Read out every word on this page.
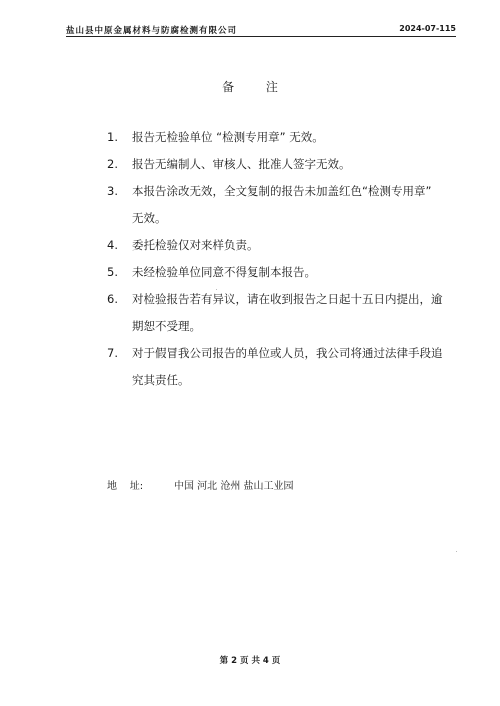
盐山县中原金属材料与防腐检测有限公司	2024-07-115
备 注
1.	报告无检验单位 “检测专用章” 无效。
2.	报告无编制人、审核人、批准人签字无效。
3.	本报告涂改无效，全文复制的报告未加盖红色“检测专用章”
无效。
4.	委托检验仅对来样负责。
5.	未经检验单位同意不得复制本报告。
6.	对检验报告若有异议，请在收到报告之日起十五日内提出，逾
期恕不受理。
7.	对于假冒我公司报告的单位或人员，我公司将通过法律手段追
究其责任。
地    址:	中国 河北 沧州 盐山工业园
第 2 页 共 4 页
